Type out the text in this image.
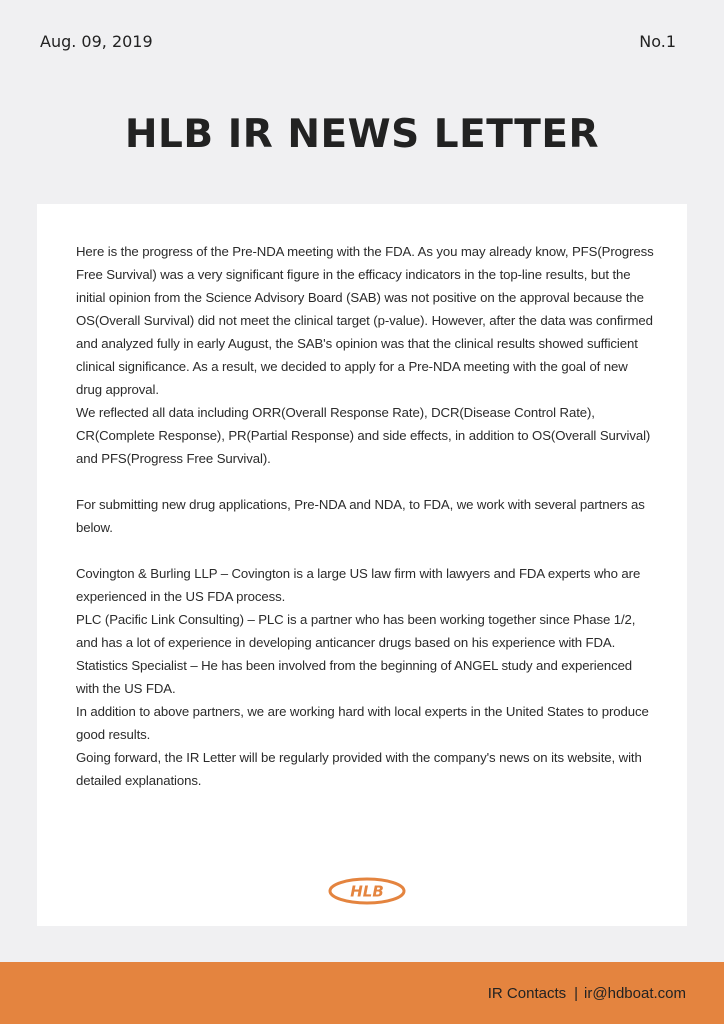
Aug. 09, 2019	No.1
HLB IR NEWS LETTER

Here is the progress of the Pre-NDA meeting with the FDA. As you may already know, PFS(Progress Free Survival) was a very significant figure in the efficacy indicators in the top-line results, but the initial opinion from the Science Advisory Board (SAB) was not positive on the approval because the OS(Overall Survival) did not meet the clinical target (p-value). However, after the data was confirmed and analyzed fully in early August, the SAB's opinion was that the clinical results showed sufficient clinical significance. As a result, we decided to apply for a Pre-NDA meeting with the goal of new drug approval.

We reflected all data including ORR(Overall Response Rate), DCR(Disease Control Rate), CR(Complete Response), PR(Partial Response) and side effects, in addition to OS(Overall Survival) and PFS(Progress Free Survival).

For submitting new drug applications, Pre-NDA and NDA, to FDA, we work with several partners as below.

Covington & Burling LLP – Covington is a large US law firm with lawyers and FDA experts who are experienced in the US FDA process.

PLC (Pacific Link Consulting) – PLC is a partner who has been working together since Phase 1/2, and has a lot of experience in developing anticancer drugs based on his experience with FDA.

Statistics Specialist – He has been involved from the beginning of ANGEL study and experienced with the US FDA.

In addition to above partners, we are working hard with local experts in the United States to produce good results.

Going forward, the IR Letter will be regularly provided with the company's news on its website, with detailed explanations.

HLB
IR Contacts | ir@hdboat.com
